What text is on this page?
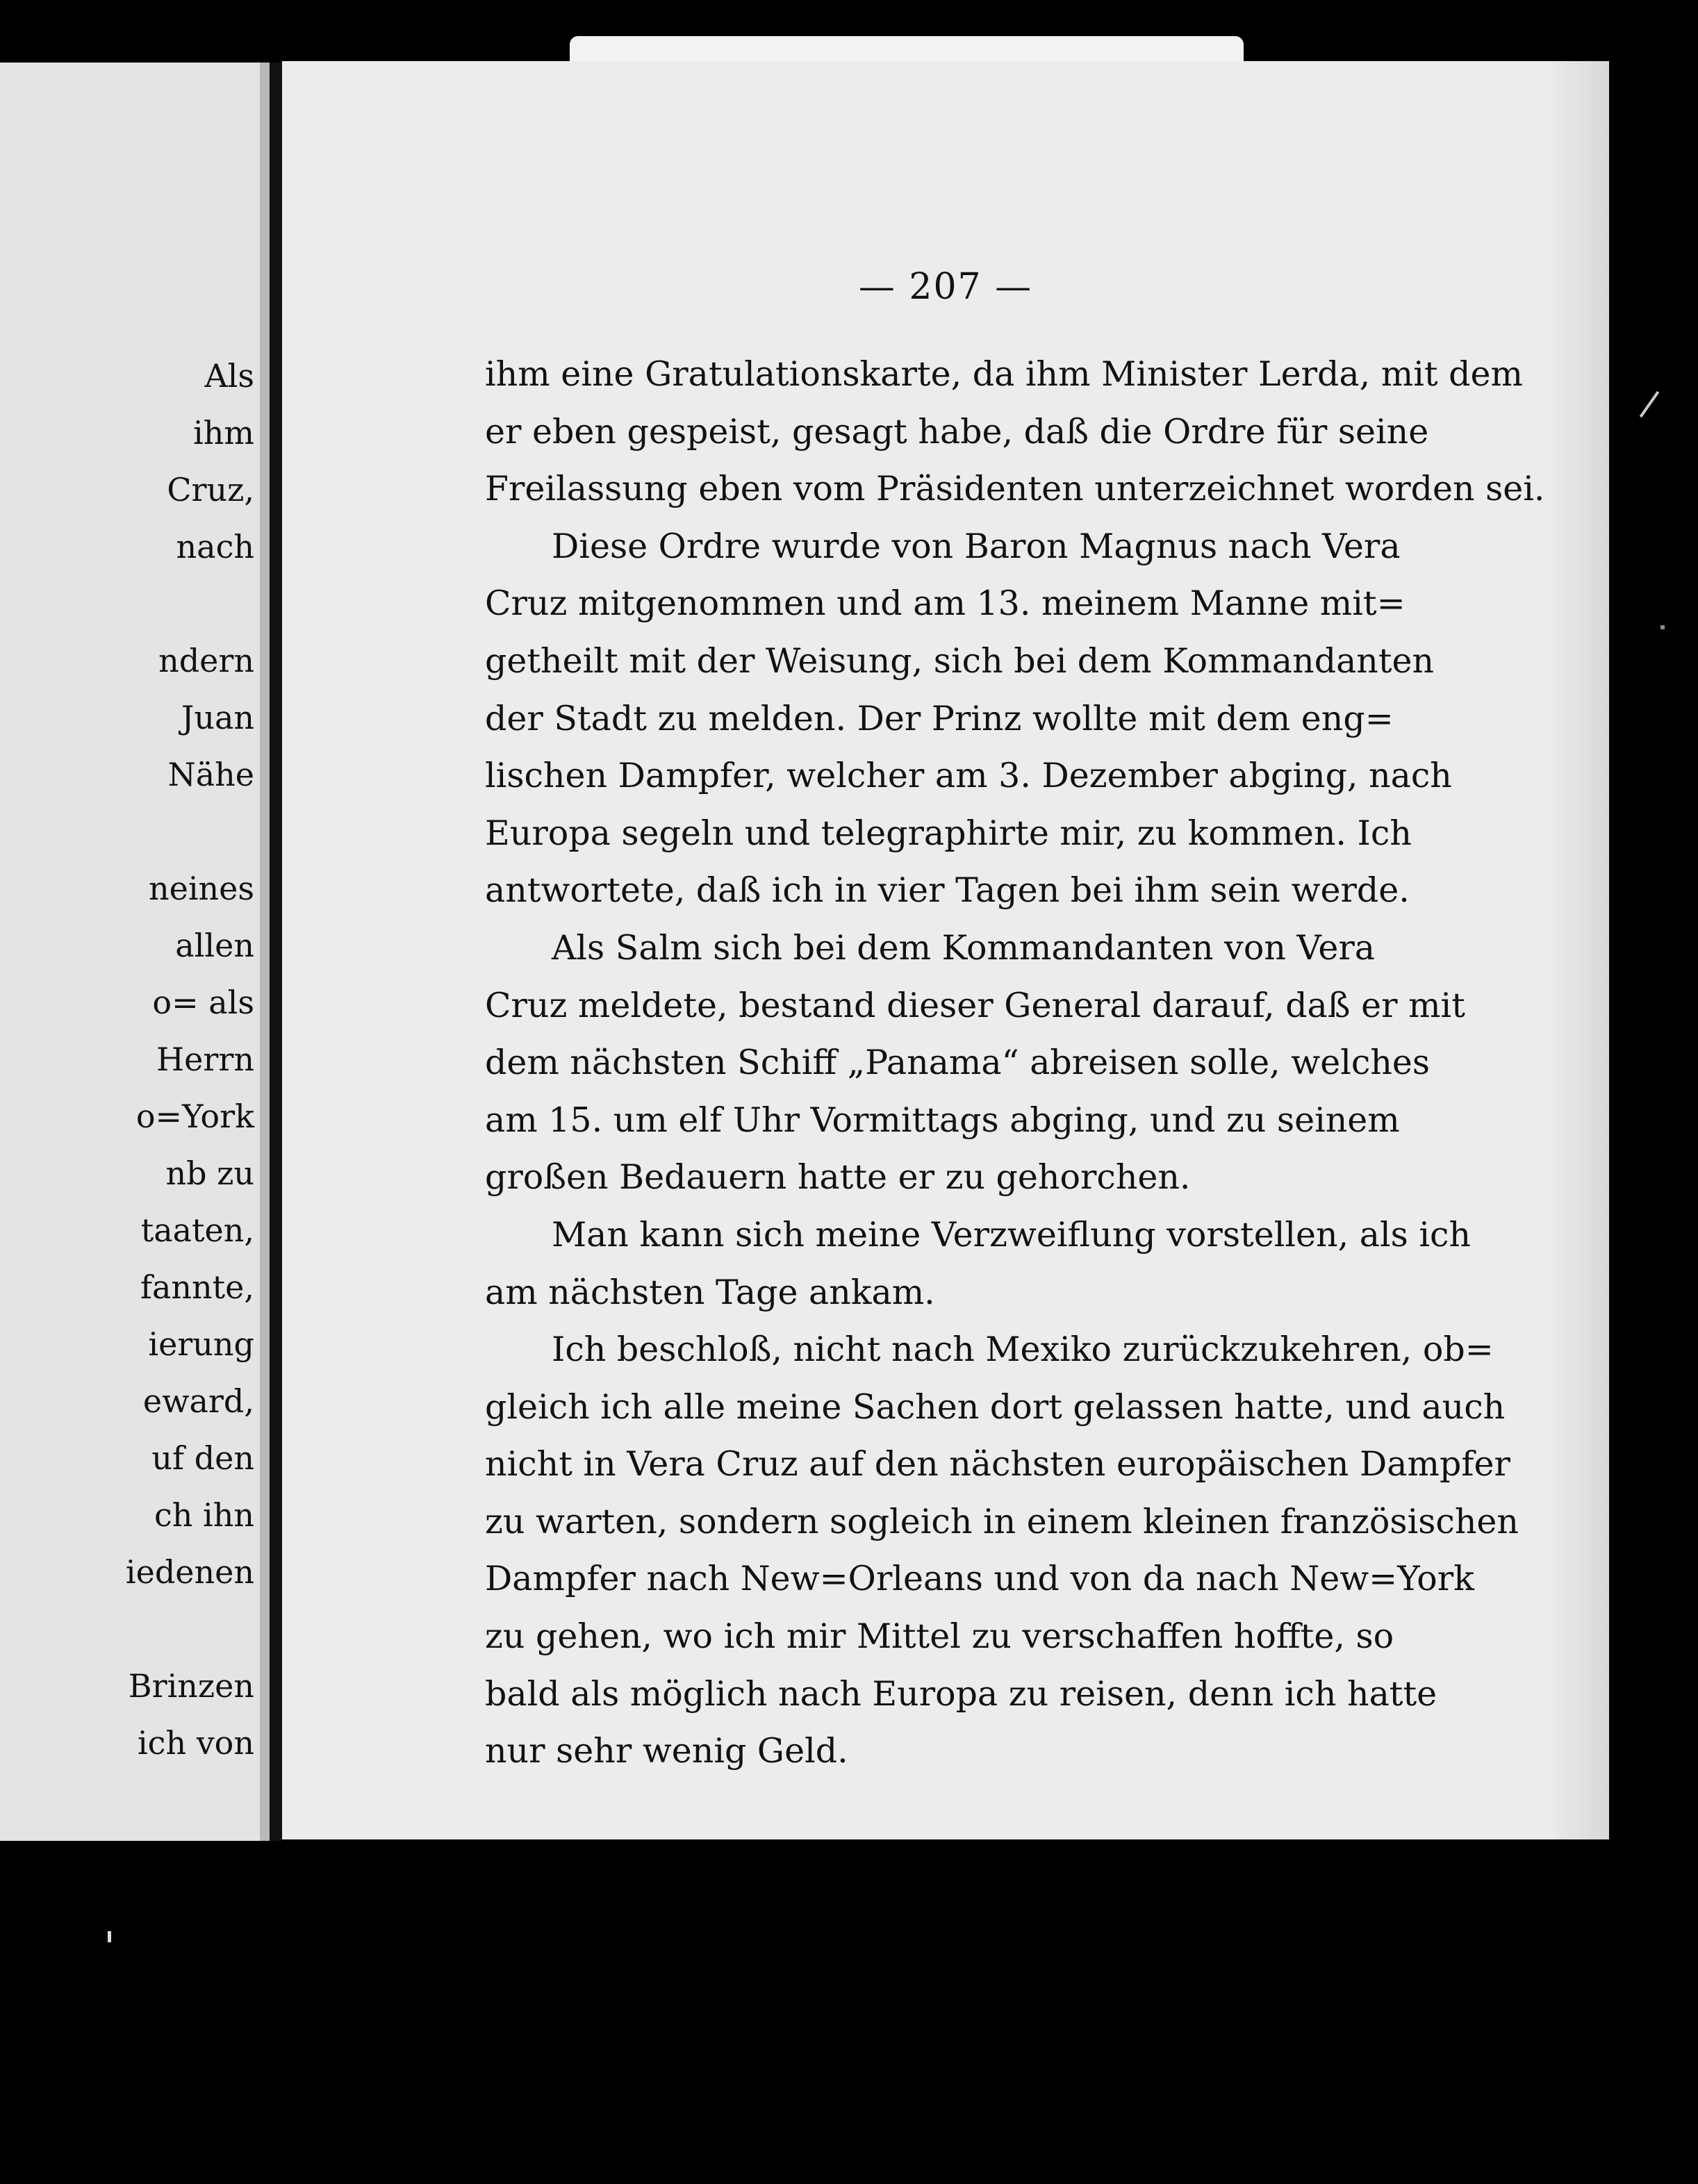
Als
ihm
Cruz,
nach
ndern
Juan
Nähe
neines
allen
o= als
Herrn
o=York
nb zu
taaten,
fannte,
ierung
eward,
uf den
ch ihn
iedenen
Brinzen
ich von
— 207 —
ihm eine Gratulationskarte, da ihm Minister Lerda, mit dem
er eben gespeist, gesagt habe, daß die Ordre für seine
Freilassung eben vom Präsidenten unterzeichnet worden sei.
Diese Ordre wurde von Baron Magnus nach Vera
Cruz mitgenommen und am 13. meinem Manne mit=
getheilt mit der Weisung, sich bei dem Kommandanten
der Stadt zu melden. Der Prinz wollte mit dem eng=
lischen Dampfer, welcher am 3. Dezember abging, nach
Europa segeln und telegraphirte mir, zu kommen. Ich
antwortete, daß ich in vier Tagen bei ihm sein werde.
Als Salm sich bei dem Kommandanten von Vera
Cruz meldete, bestand dieser General darauf, daß er mit
dem nächsten Schiff „Panama“ abreisen solle, welches
am 15. um elf Uhr Vormittags abging, und zu seinem
großen Bedauern hatte er zu gehorchen.
Man kann sich meine Verzweiflung vorstellen, als ich
am nächsten Tage ankam.
Ich beschloß, nicht nach Mexiko zurückzukehren, ob=
gleich ich alle meine Sachen dort gelassen hatte, und auch
nicht in Vera Cruz auf den nächsten europäischen Dampfer
zu warten, sondern sogleich in einem kleinen französischen
Dampfer nach New=Orleans und von da nach New=York
zu gehen, wo ich mir Mittel zu verschaffen hoffte, so
bald als möglich nach Europa zu reisen, denn ich hatte
nur sehr wenig Geld.
